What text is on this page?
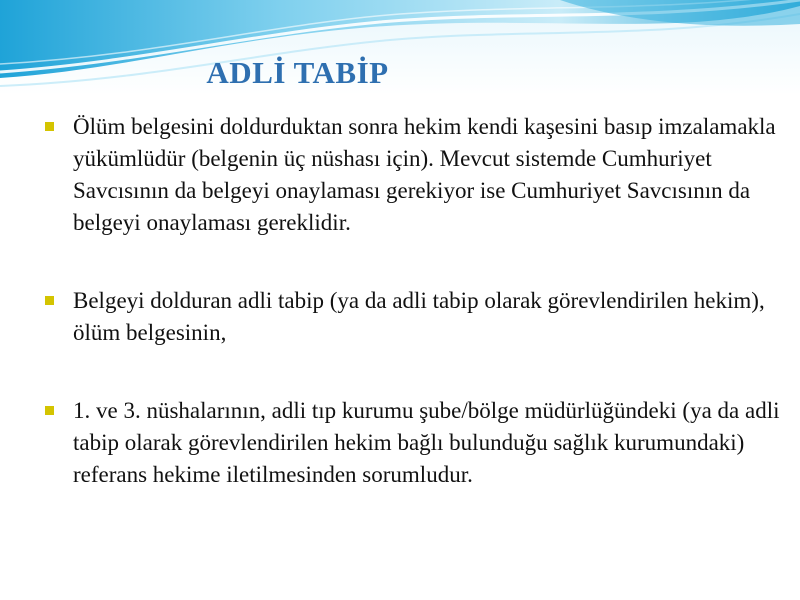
ADLİ TABİP
Ölüm belgesini doldurduktan sonra hekim kendi kaşesini basıp imzalamakla yükümlüdür (belgenin üç nüshası için). Mevcut sistemde Cumhuriyet Savcısının da belgeyi onaylaması gerekiyor ise Cumhuriyet Savcısının da belgeyi onaylaması gereklidir.
Belgeyi dolduran adli tabip (ya da adli tabip olarak görevlendirilen hekim), ölüm belgesinin,
1. ve 3. nüshalarının, adli tıp kurumu şube/bölge müdürlüğündeki (ya da adli tabip olarak görevlendirilen hekim bağlı bulunduğu sağlık kurumundaki) referans hekime iletilmesinden sorumludur.
